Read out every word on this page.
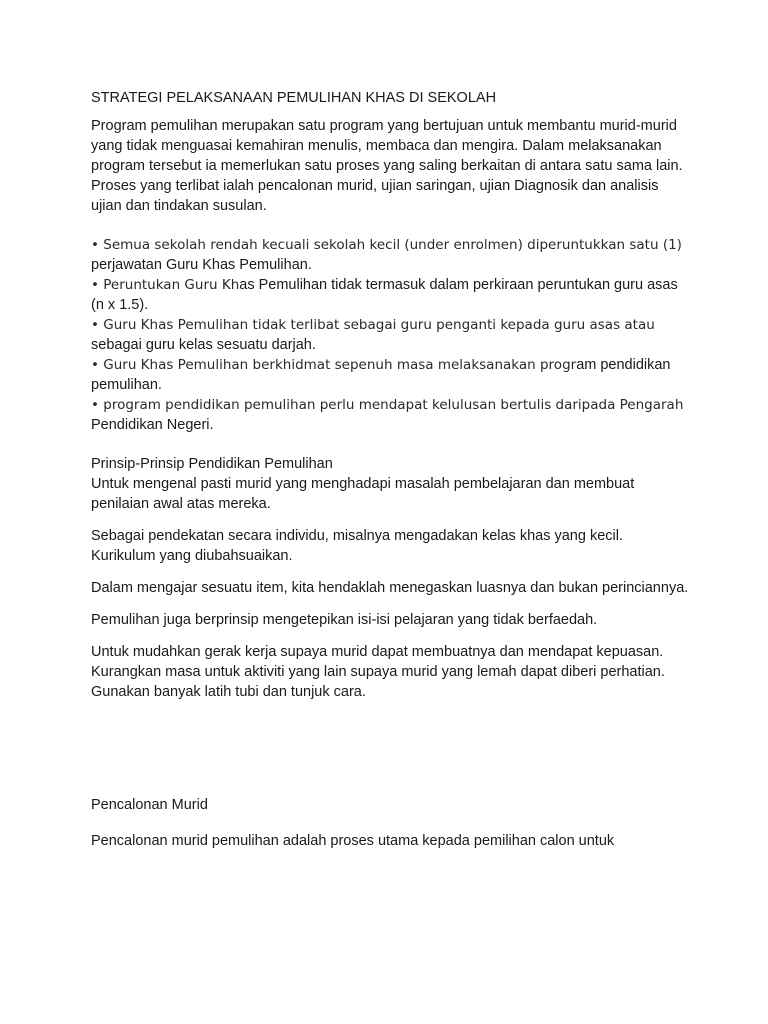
STRATEGI PELAKSANAAN PEMULIHAN KHAS DI SEKOLAH

Program pemulihan merupakan satu program yang bertujuan untuk membantu murid-murid yang tidak menguasai kemahiran menulis, membaca dan mengira. Dalam melaksanakan program tersebut ia memerlukan satu proses yang saling berkaitan di antara satu sama lain. Proses yang terlibat ialah pencalonan murid, ujian saringan, ujian Diagnosik dan analisis ujian dan tindakan susulan.

• Semua sekolah rendah kecuali sekolah kecil (under enrolmen) diperuntukkan satu (1)
perjawatan Guru Khas Pemulihan.
• Peruntukan Guru Khas Pemulihan tidak termasuk dalam perkiraan peruntukan guru asas (n x 1.5).
• Guru Khas Pemulihan tidak terlibat sebagai guru penganti kepada guru asas atau
sebagai guru kelas sesuatu darjah.
• Guru Khas Pemulihan berkhidmat sepenuh masa melaksanakan program pendidikan pemulihan.
• program pendidikan pemulihan perlu mendapat kelulusan bertulis daripada Pengarah
Pendidikan Negeri.
Prinsip-Prinsip Pendidikan Pemulihan

Untuk mengenal pasti murid yang menghadapi masalah pembelajaran dan membuat penilaian awal atas mereka.

Sebagai pendekatan secara individu, misalnya mengadakan kelas khas yang kecil. Kurikulum yang diubahsuaikan.

Dalam mengajar sesuatu item, kita hendaklah menegaskan luasnya dan bukan perinciannya.

Pemulihan juga berprinsip mengetepikan isi-isi pelajaran yang tidak berfaedah.

Untuk mudahkan gerak kerja supaya murid dapat membuatnya dan mendapat kepuasan. Kurangkan masa untuk aktiviti yang lain supaya murid yang lemah dapat diberi perhatian. Gunakan banyak latih tubi dan tunjuk cara.

Pencalonan Murid

Pencalonan murid pemulihan adalah proses utama kepada pemilihan calon untuk
